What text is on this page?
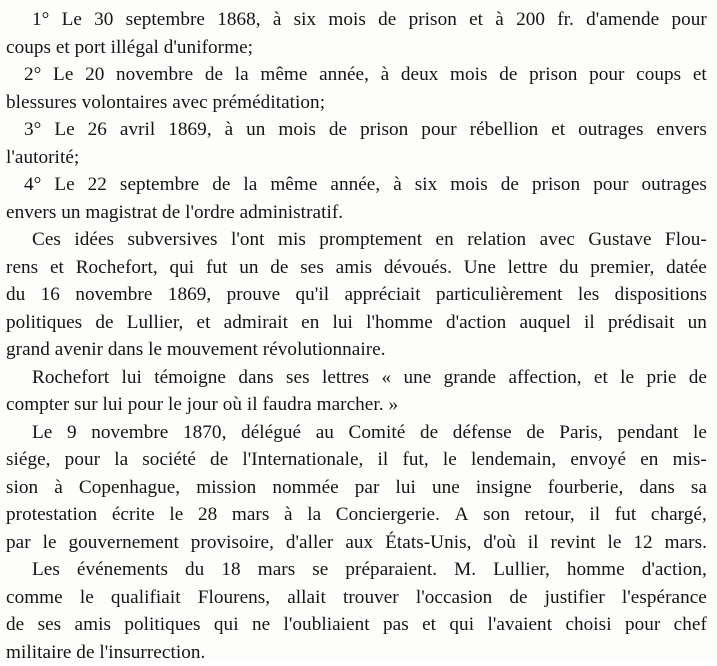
1° Le 30 septembre 1868, à six mois de prison et à 200 fr. d'amende pour
coups et port illégal d'uniforme;
2° Le 20 novembre de la même année, à deux mois de prison pour coups et
blessures volontaires avec préméditation;
3° Le 26 avril 1869, à un mois de prison pour rébellion et outrages envers
l'autorité;
4° Le 22 septembre de la même année, à six mois de prison pour outrages
envers un magistrat de l'ordre administratif.
Ces idées subversives l'ont mis promptement en relation avec Gustave Flou-
rens et Rochefort, qui fut un de ses amis dévoués. Une lettre du premier, datée
du 16 novembre 1869, prouve qu'il appréciait particulièrement les dispositions
politiques de Lullier, et admirait en lui l'homme d'action auquel il prédisait un
grand avenir dans le mouvement révolutionnaire.
Rochefort lui témoigne dans ses lettres « une grande affection, et le prie de
compter sur lui pour le jour où il faudra marcher. »
Le 9 novembre 1870, délégué au Comité de défense de Paris, pendant le
siége, pour la société de l'Internationale, il fut, le lendemain, envoyé en mis-
sion à Copenhague, mission nommée par lui une insigne fourberie, dans sa
protestation écrite le 28 mars à la Conciergerie. A son retour, il fut chargé,
par le gouvernement provisoire, d'aller aux États-Unis, d'où il revint le 12 mars.
Les événements du 18 mars se préparaient. M. Lullier, homme d'action,
comme le qualifiait Flourens, allait trouver l'occasion de justifier l'espérance
de ses amis politiques qui ne l'oubliaient pas et qui l'avaient choisi pour chef
militaire de l'insurrection.
